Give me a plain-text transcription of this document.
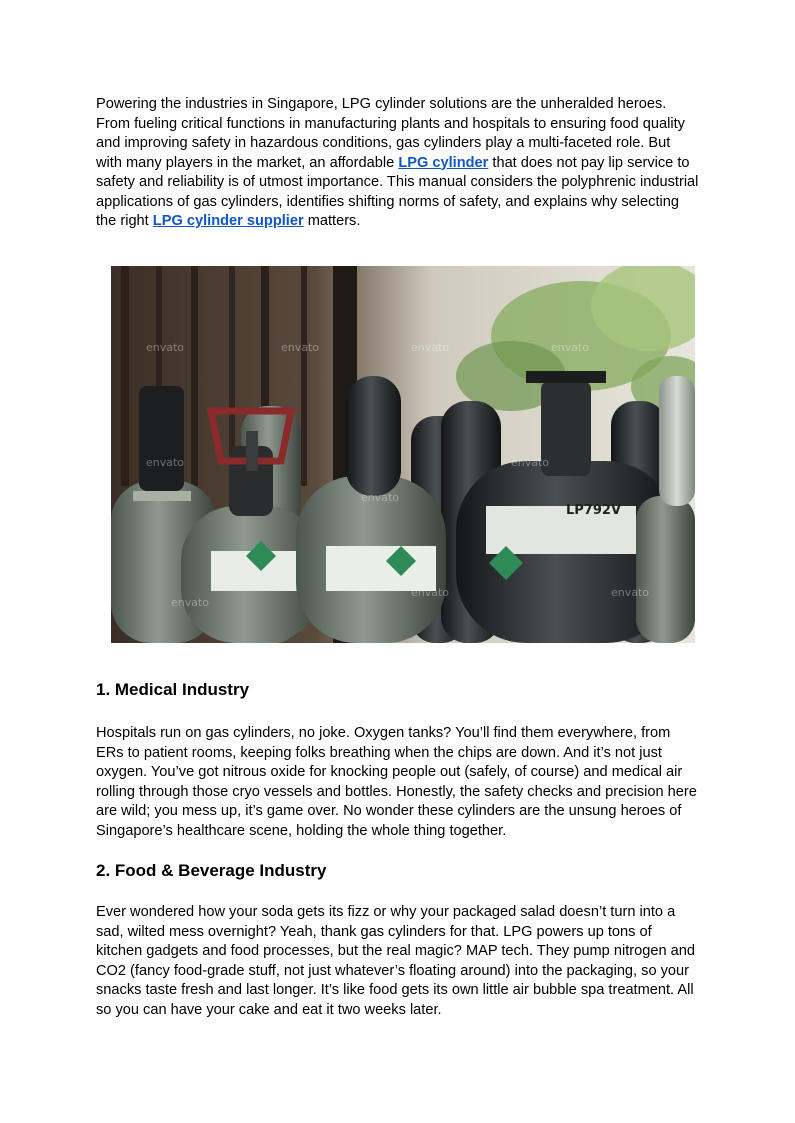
Powering the industries in Singapore, LPG cylinder solutions are the unheralded heroes. From fueling critical functions in manufacturing plants and hospitals to ensuring food quality and improving safety in hazardous conditions, gas cylinders play a multi-faceted role. But with many players in the market, an affordable LPG cylinder that does not pay lip service to safety and reliability is of utmost importance. This manual considers the polyphrenic industrial applications of gas cylinders, identifies shifting norms of safety, and explains why selecting the right LPG cylinder supplier matters.

LP792V
envato	envato	envato	envato
envato
envato
envato
envato
envato	envato
1. Medical Industry

Hospitals run on gas cylinders, no joke. Oxygen tanks? You’ll find them everywhere, from ERs to patient rooms, keeping folks breathing when the chips are down. And it’s not just oxygen. You’ve got nitrous oxide for knocking people out (safely, of course) and medical air rolling through those cryo vessels and bottles. Honestly, the safety checks and precision here are wild; you mess up, it’s game over. No wonder these cylinders are the unsung heroes of Singapore’s healthcare scene, holding the whole thing together.

2. Food & Beverage Industry

Ever wondered how your soda gets its fizz or why your packaged salad doesn’t turn into a sad, wilted mess overnight? Yeah, thank gas cylinders for that. LPG powers up tons of kitchen gadgets and food processes, but the real magic? MAP tech. They pump nitrogen and CO2 (fancy food-grade stuff, not just whatever’s floating around) into the packaging, so your snacks taste fresh and last longer. It’s like food gets its own little air bubble spa treatment. All so you can have your cake and eat it two weeks later.
